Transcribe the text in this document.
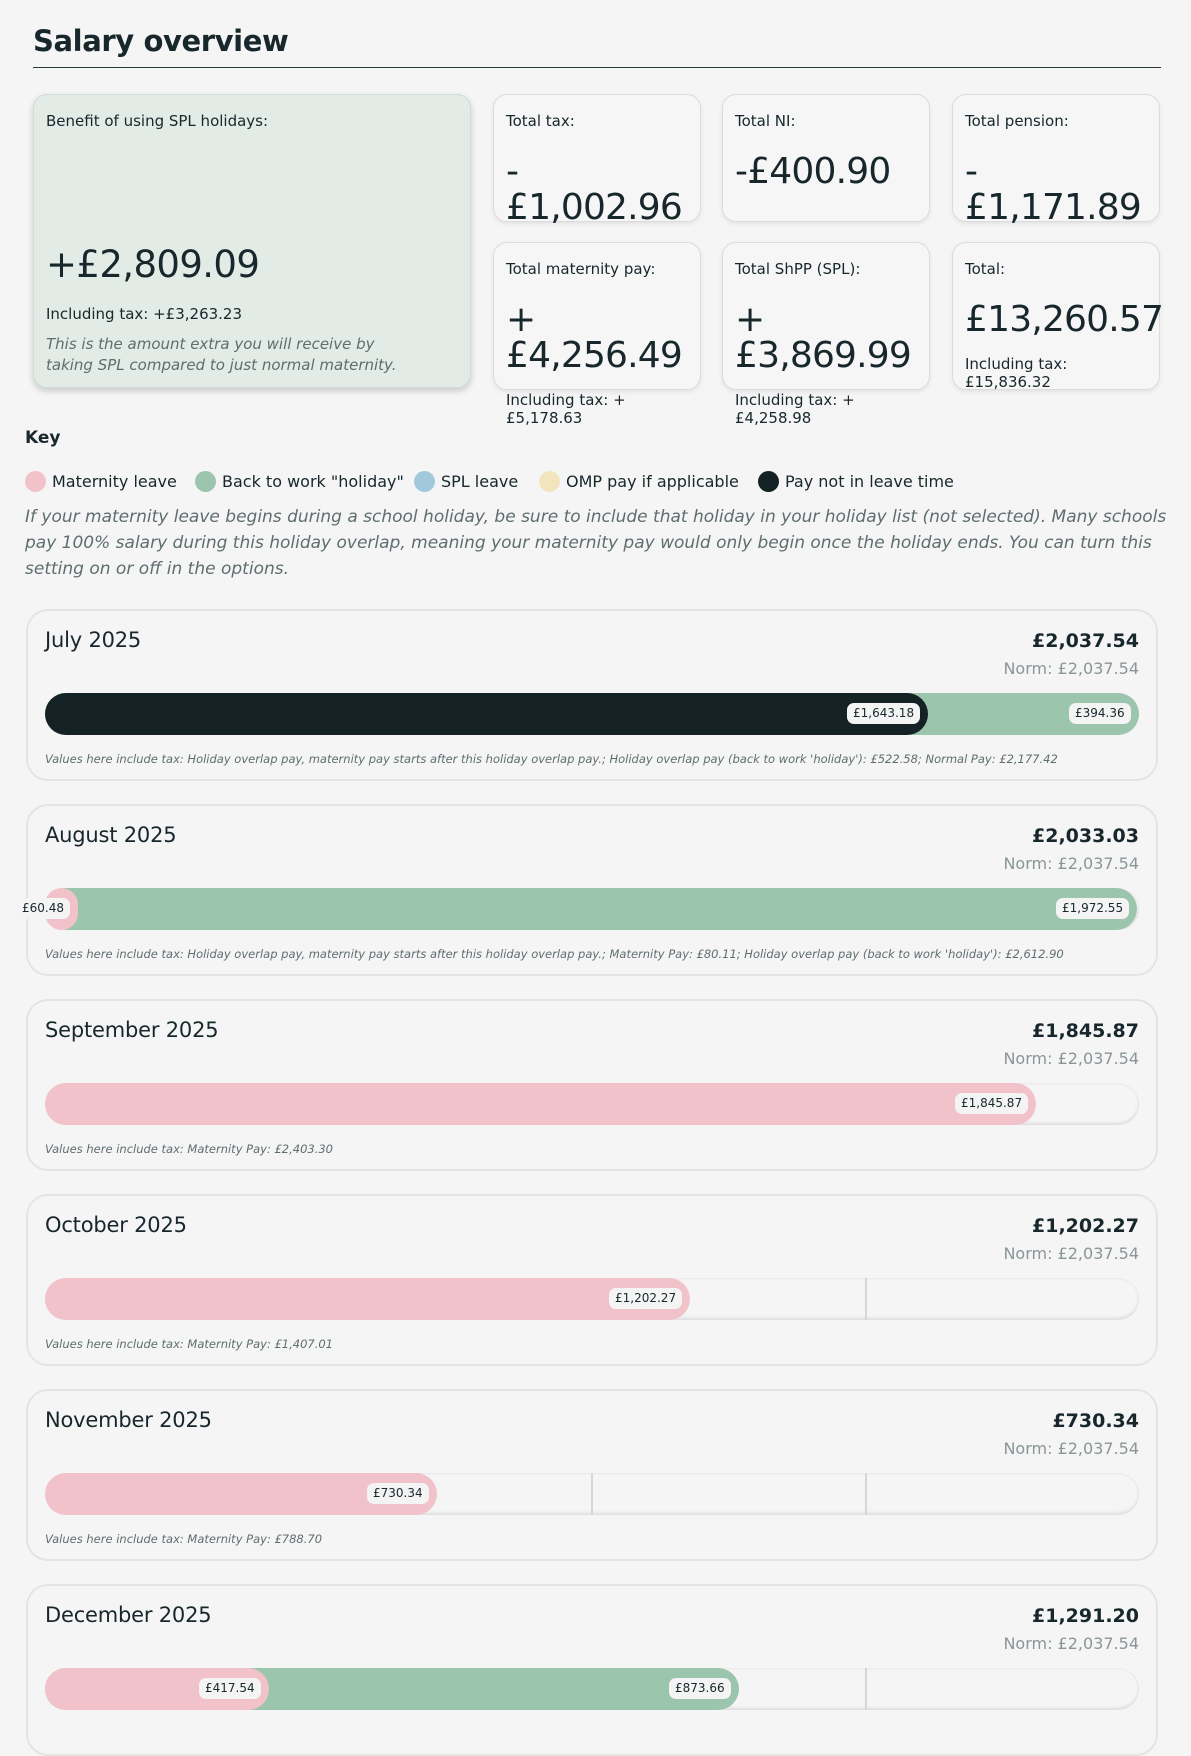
Salary overview
Benefit of using SPL holidays:
+£2,809.09
Including tax: +£3,263.23
This is the amount extra you will receive by taking SPL compared to just normal maternity.
Total tax:
-£1,002.96
Total NI:
-£400.90
Total pension:
-£1,171.89
Total maternity pay:
+£4,256.49
Including tax: +£5,178.63
Total ShPP (SPL):
+£3,869.99
Including tax: +£4,258.98
Total:
£13,260.57
Including tax: £15,836.32
Key
Maternity leave	Back to work "holiday" SPL leave	OMP pay if applicable	Pay not in leave time

If your maternity leave begins during a school holiday, be sure to include that holiday in your holiday list (not selected). Many schools pay 100% salary during this holiday overlap, meaning your maternity pay would only begin once the holiday ends. You can turn this setting on or off in the options.

July 2025	£2,037.54
Norm: £2,037.54
£394.36
£1,643.18
Values here include tax: Holiday overlap pay, maternity pay starts after this holiday overlap pay.; Holiday overlap pay (back to work 'holiday'): £522.58; Normal Pay: £2,177.42
August 2025	£2,033.03
Norm: £2,037.54
£1,972.55
£60.48
Values here include tax: Holiday overlap pay, maternity pay starts after this holiday overlap pay.; Maternity Pay: £80.11; Holiday overlap pay (back to work 'holiday'): £2,612.90
September 2025	£1,845.87
Norm: £2,037.54
£1,845.87
Values here include tax: Maternity Pay: £2,403.30
October 2025	£1,202.27
Norm: £2,037.54
£1,202.27
Values here include tax: Maternity Pay: £1,407.01
November 2025	£730.34
Norm: £2,037.54
£730.34
Values here include tax: Maternity Pay: £788.70
December 2025	£1,291.20
Norm: £2,037.54
£873.66
£417.54
